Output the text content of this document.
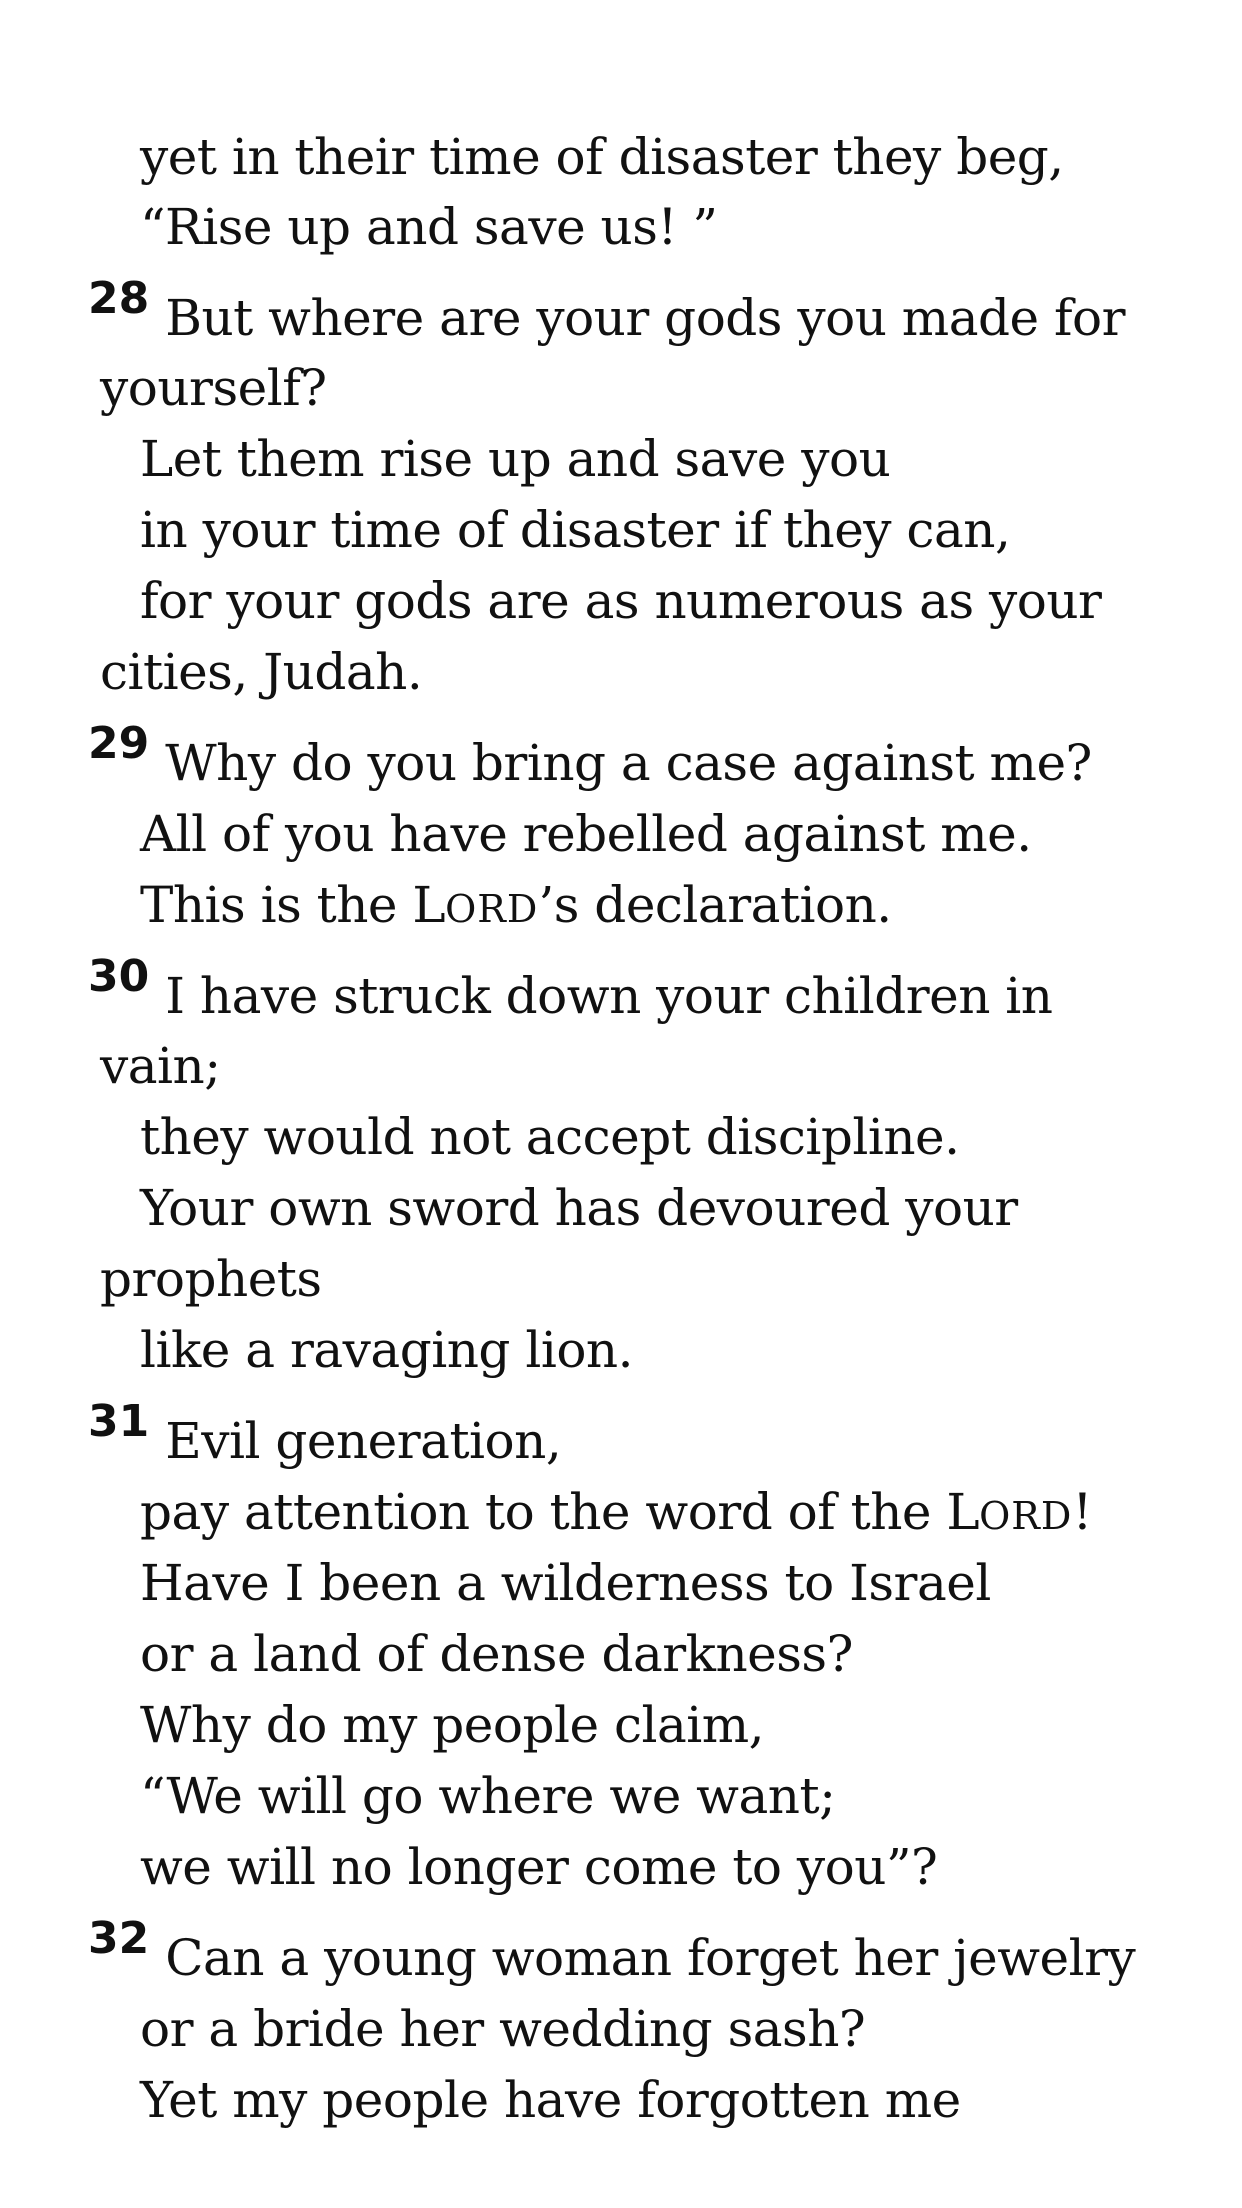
yet in their time of disaster they beg,
“Rise up and save us! ”
28 But where are your gods you made for
yourself?
Let them rise up and save you
in your time of disaster if they can,
for your gods are as numerous as your
cities, Judah.
29 Why do you bring a case against me?
All of you have rebelled against me.
This is the LORD’s declaration.
30 I have struck down your children in
vain;
they would not accept discipline.
Your own sword has devoured your
prophets
like a ravaging lion.
31 Evil generation,
pay attention to the word of the LORD!
Have I been a wilderness to Israel
or a land of dense darkness?
Why do my people claim,
“We will go where we want;
we will no longer come to you”?
32 Can a young woman forget her jewelry
or a bride her wedding sash?
Yet my people have forgotten me
